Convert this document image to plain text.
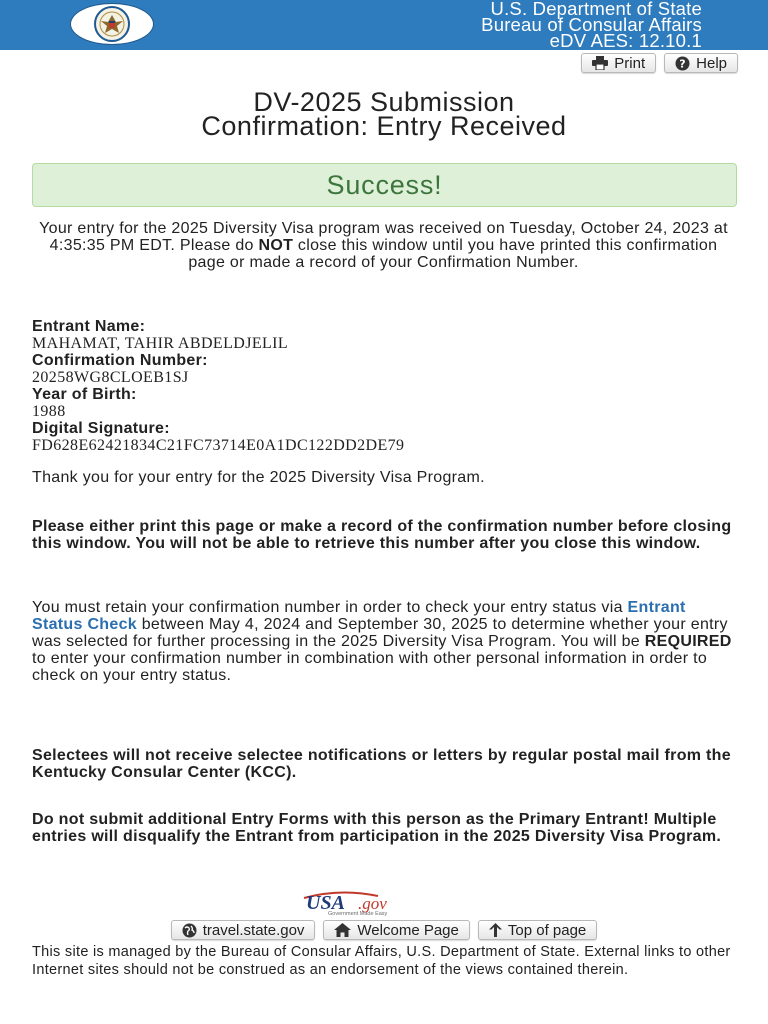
U.S. Department of State
Bureau of Consular Affairs
eDV AES: 12.10.1
Print	? Help
DV-2025 Submission
Confirmation: Entry Received
Success!

Your entry for the 2025 Diversity Visa program was received on Tuesday, October 24, 2023 at 4:35:35 PM EDT. Please do NOT close this window until you have printed this confirmation page or made a record of your Confirmation Number.

Entrant Name:
MAHAMAT, TAHIR ABDELDJELIL
Confirmation Number:
20258WG8CLOEB1SJ
Year of Birth:
1988
Digital Signature:
FD628E62421834C21FC73714E0A1DC122DD2DE79

Thank you for your entry for the 2025 Diversity Visa Program.

Please either print this page or make a record of the confirmation number before closing this window. You will not be able to retrieve this number after you close this window.

You must retain your confirmation number in order to check your entry status via Entrant Status Check between May 4, 2024 and September 30, 2025 to determine whether your entry was selected for further processing in the 2025 Diversity Visa Program. You will be REQUIRED to enter your confirmation number in combination with other personal information in order to check on your entry status.

Selectees will not receive selectee notifications or letters by regular postal mail from the Kentucky Consular Center (KCC).

Do not submit additional Entry Forms with this person as the Primary Entrant! Multiple entries will disqualify the Entrant from participation in the 2025 Diversity Visa Program.

USA .gov
Government Made Easy
travel.state.gov	Welcome Page	Top of page

This site is managed by the Bureau of Consular Affairs, U.S. Department of State. External links to other Internet sites should not be construed as an endorsement of the views contained therein.
